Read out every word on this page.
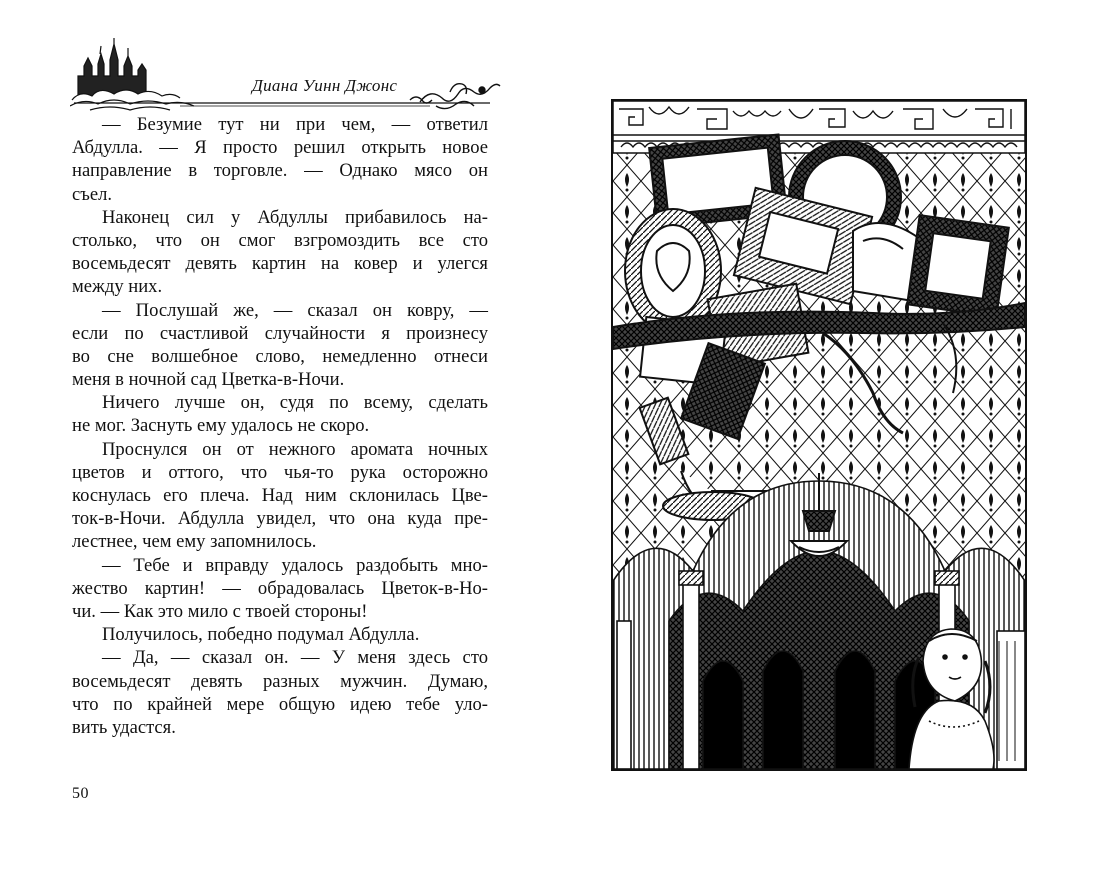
Диана Уинн Джонс
— Безумие тут ни при чем, — ответил
Абдулла. — Я просто решил открыть новое
направление в торговле. — Однако мясо он
съел.
Наконец сил у Абдуллы прибавилось на-
столько, что он смог взгромоздить все сто
восемьдесят девять картин на ковер и улегся
между них.
— Послушай же, — сказал он ковру, —
если по счастливой случайности я произнесу
во сне волшебное слово, немедленно отнеси
меня в ночной сад Цветка-в-Ночи.
Ничего лучше он, судя по всему, сделать
не мог. Заснуть ему удалось не скоро.
Проснулся он от нежного аромата ночных
цветов и оттого, что чья-то рука осторожно
коснулась его плеча. Над ним склонилась Цве-
ток-в-Ночи. Абдулла увидел, что она куда пре-
лестнее, чем ему запомнилось.
— Тебе и вправду удалось раздобыть мно-
жество картин! — обрадовалась Цветок-в-Но-
чи. — Как это мило с твоей стороны!
Получилось, победно подумал Абдулла.
— Да, — сказал он. — У меня здесь сто
восемьдесят девять разных мужчин. Думаю,
что по крайней мере общую идею тебе уло-
вить удастся.
50
